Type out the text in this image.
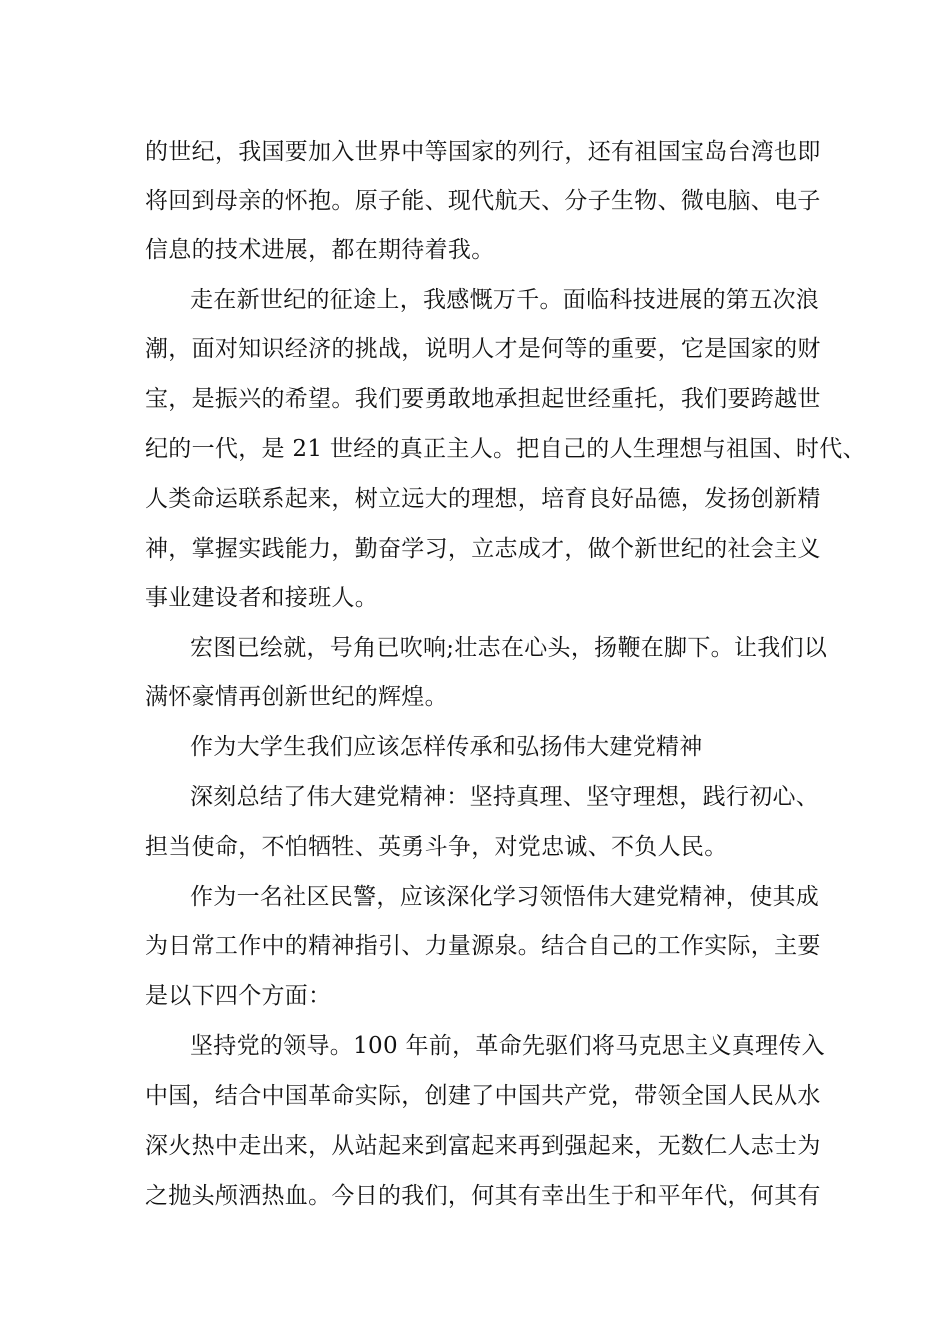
的世纪，我国要加入世界中等国家的列行，还有祖国宝岛台湾也即
将回到母亲的怀抱。原子能、现代航天、分子生物、微电脑、电子
信息的技术进展，都在期待着我。
走在新世纪的征途上，我感慨万千。面临科技进展的第五次浪
潮，面对知识经济的挑战，说明人才是何等的重要，它是国家的财
宝，是振兴的希望。我们要勇敢地承担起世经重托，我们要跨越世
纪的一代，是 21 世经的真正主人。把自己的人生理想与祖国、时代、
人类命运联系起来，树立远大的理想，培育良好品德，发扬创新精
神，掌握实践能力，勤奋学习，立志成才，做个新世纪的社会主义
事业建设者和接班人。
宏图已绘就，号角已吹响;壮志在心头，扬鞭在脚下。让我们以
满怀豪情再创新世纪的辉煌。
作为大学生我们应该怎样传承和弘扬伟大建党精神
深刻总结了伟大建党精神：坚持真理、坚守理想，践行初心、
担当使命，不怕牺牲、英勇斗争，对党忠诚、不负人民。
作为一名社区民警，应该深化学习领悟伟大建党精神，使其成
为日常工作中的精神指引、力量源泉。结合自己的工作实际，主要
是以下四个方面：
坚持党的领导。100 年前，革命先驱们将马克思主义真理传入
中国，结合中国革命实际，创建了中国共产党，带领全国人民从水
深火热中走出来，从站起来到富起来再到强起来，无数仁人志士为
之抛头颅洒热血。今日的我们，何其有幸出生于和平年代，何其有
